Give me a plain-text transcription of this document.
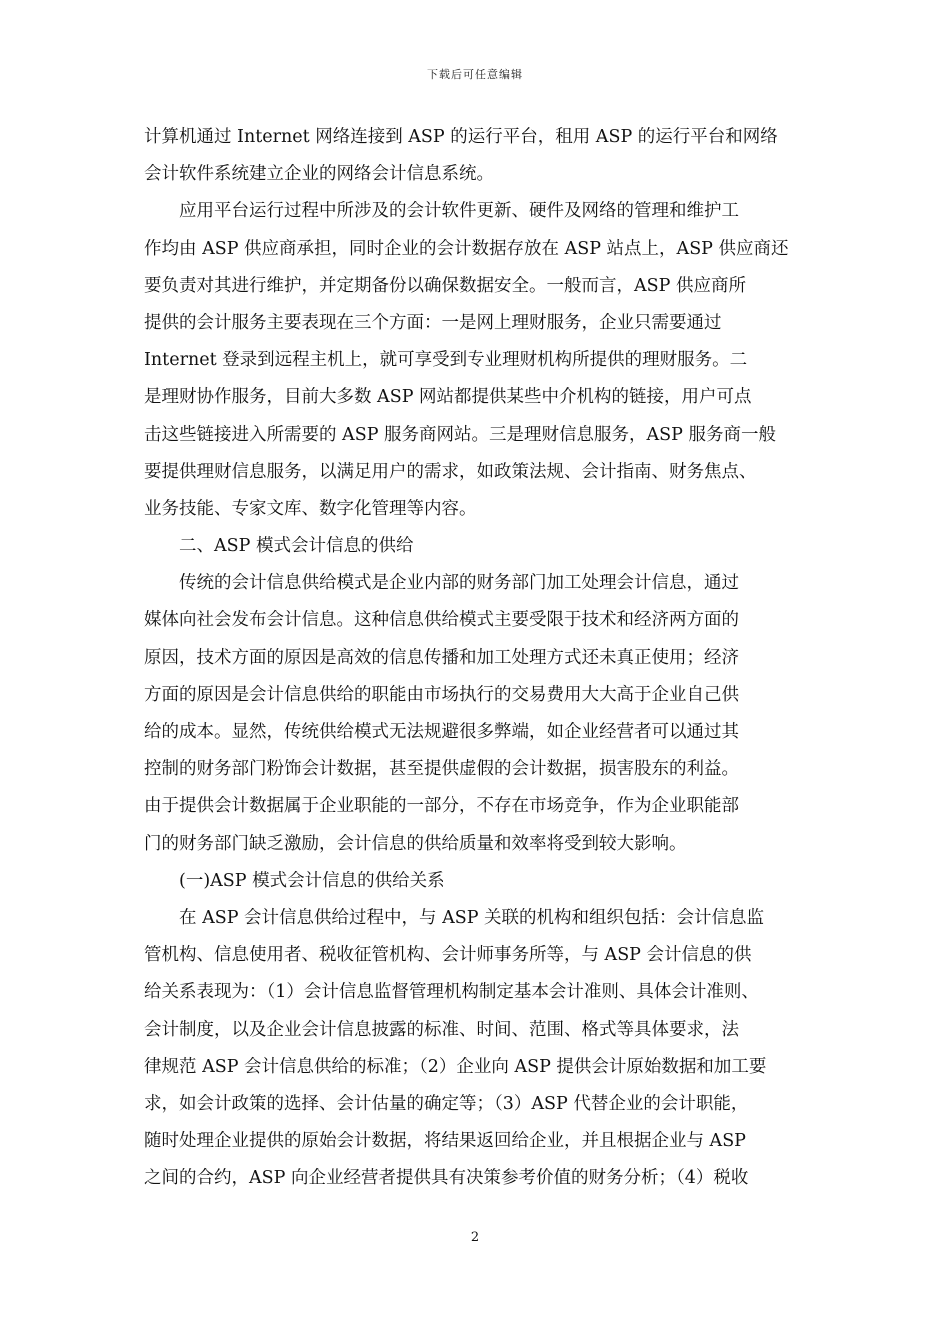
下载后可任意编辑
计算机通过 Internet 网络连接到 ASP 的运行平台，租用 ASP 的运行平台和网络
会计软件系统建立企业的网络会计信息系统。
　　应用平台运行过程中所涉及的会计软件更新、硬件及网络的管理和维护工
作均由 ASP 供应商承担，同时企业的会计数据存放在 ASP 站点上，ASP 供应商还
要负责对其进行维护，并定期备份以确保数据安全。一般而言，ASP 供应商所
提供的会计服务主要表现在三个方面：一是网上理财服务，企业只需要通过
Internet 登录到远程主机上，就可享受到专业理财机构所提供的理财服务。二
是理财协作服务，目前大多数 ASP 网站都提供某些中介机构的链接，用户可点
击这些链接进入所需要的 ASP 服务商网站。三是理财信息服务，ASP 服务商一般
要提供理财信息服务，以满足用户的需求，如政策法规、会计指南、财务焦点、
业务技能、专家文库、数字化管理等内容。
　　二、ASP 模式会计信息的供给
　　传统的会计信息供给模式是企业内部的财务部门加工处理会计信息，通过
媒体向社会发布会计信息。这种信息供给模式主要受限于技术和经济两方面的
原因，技术方面的原因是高效的信息传播和加工处理方式还未真正使用；经济
方面的原因是会计信息供给的职能由市场执行的交易费用大大高于企业自己供
给的成本。显然，传统供给模式无法规避很多弊端，如企业经营者可以通过其
控制的财务部门粉饰会计数据，甚至提供虚假的会计数据，损害股东的利益。
由于提供会计数据属于企业职能的一部分，不存在市场竞争，作为企业职能部
门的财务部门缺乏激励，会计信息的供给质量和效率将受到较大影响。
　　(一)ASP 模式会计信息的供给关系
　　在 ASP 会计信息供给过程中，与 ASP 关联的机构和组织包括：会计信息监
管机构、信息使用者、税收征管机构、会计师事务所等，与 ASP 会计信息的供
给关系表现为：（1）会计信息监督管理机构制定基本会计准则、具体会计准则、
会计制度，以及企业会计信息披露的标准、时间、范围、格式等具体要求，法
律规范 ASP 会计信息供给的标准；（2）企业向 ASP 提供会计原始数据和加工要
求，如会计政策的选择、会计估量的确定等；（3）ASP 代替企业的会计职能，
随时处理企业提供的原始会计数据，将结果返回给企业，并且根据企业与 ASP
之间的合约，ASP 向企业经营者提供具有决策参考价值的财务分析；（4）税收
2
